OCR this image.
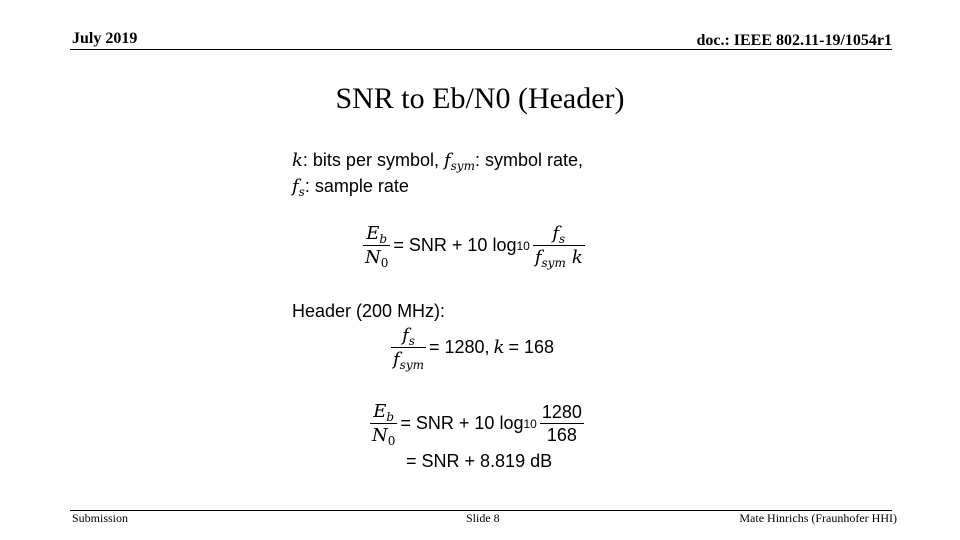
July 2019	doc.: IEEE 802.11-19/1054r1
SNR to Eb/N0 (Header)
k: bits per symbol, $f_{sym}$: symbol rate,
$f_s$: sample rate
$\frac{E_b}{N_0}$ = SNR + 10 $\log 10 \frac{f_s}{f_{sym} k}$
Header (200 MHz):
$\frac{f_s}{f_{sym}} = 1280$, k = 168
$\frac{E_b}{N_0}$ = SNR + 10 $\log 10 \frac{1280}{168}$
= SNR + 8.819 dB
Submission	Slide 8	Mate Hinrichs (Fraunhofer HHI)
